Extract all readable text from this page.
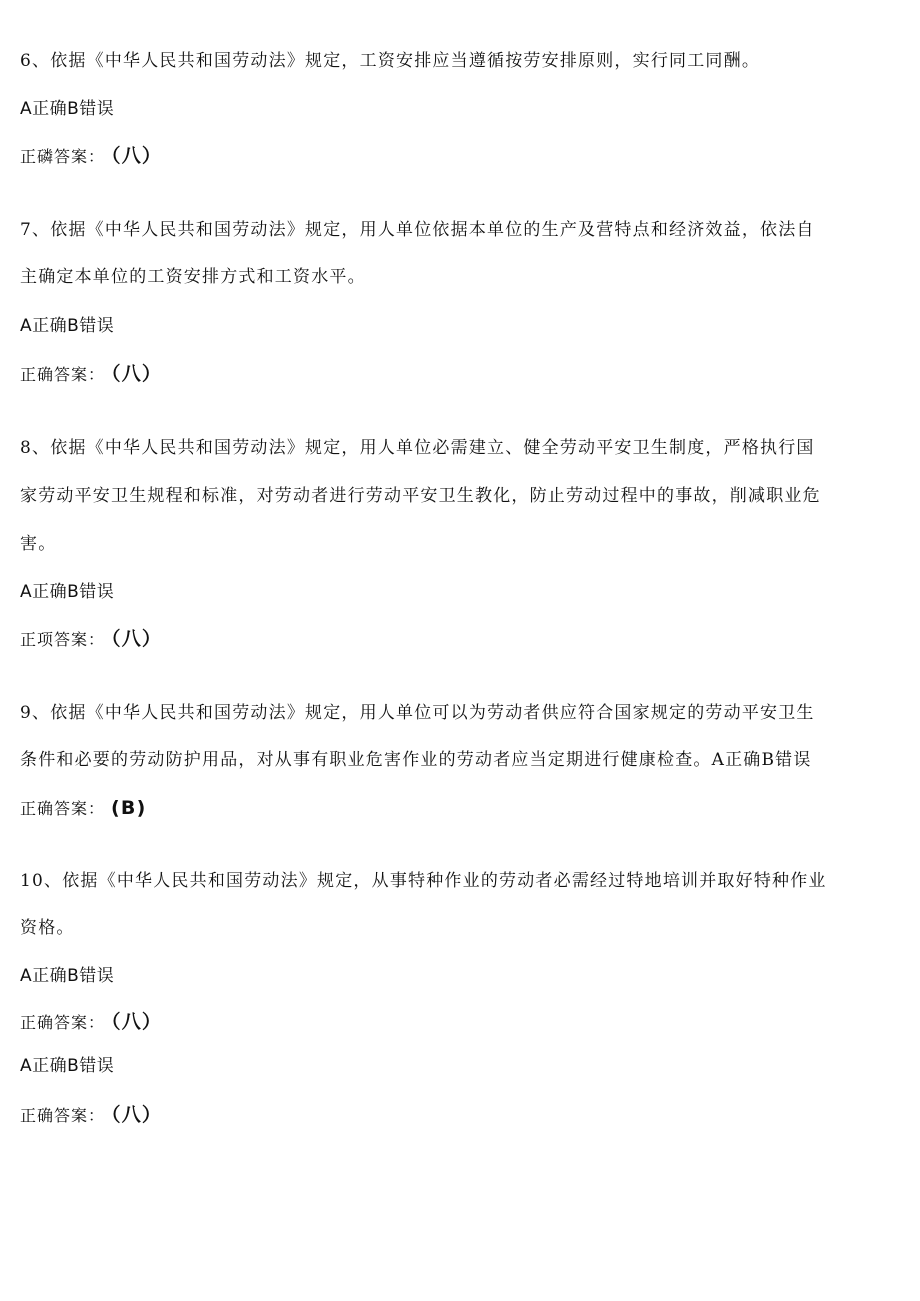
6、依据《中华人民共和国劳动法》规定，工资安排应当遵循按劳安排原则，实行同工同酬。
A正确B错误
正磷答案： （八）
7、依据《中华人民共和国劳动法》规定，用人单位依据本单位的生产及营特点和经济效益，依法自
主确定本单位的工资安排方式和工资水平。
A正确B错误
正确答案： （八）
8、依据《中华人民共和国劳动法》规定，用人单位必需建立、健全劳动平安卫生制度，严格执行国
家劳动平安卫生规程和标准，对劳动者进行劳动平安卫生教化，防止劳动过程中的事故，削减职业危
害。
A正确B错误
正项答案： （八）
9、依据《中华人民共和国劳动法》规定，用人单位可以为劳动者供应符合国家规定的劳动平安卫生
条件和必要的劳动防护用品，对从事有职业危害作业的劳动者应当定期进行健康检查。A正确B错误
正确答案： (B)
10、依据《中华人民共和国劳动法》规定，从事特种作业的劳动者必需经过特地培训并取好特种作业
资格。
A正确B错误
正确答案： （八）
A正确B错误
正确答案： （八）
